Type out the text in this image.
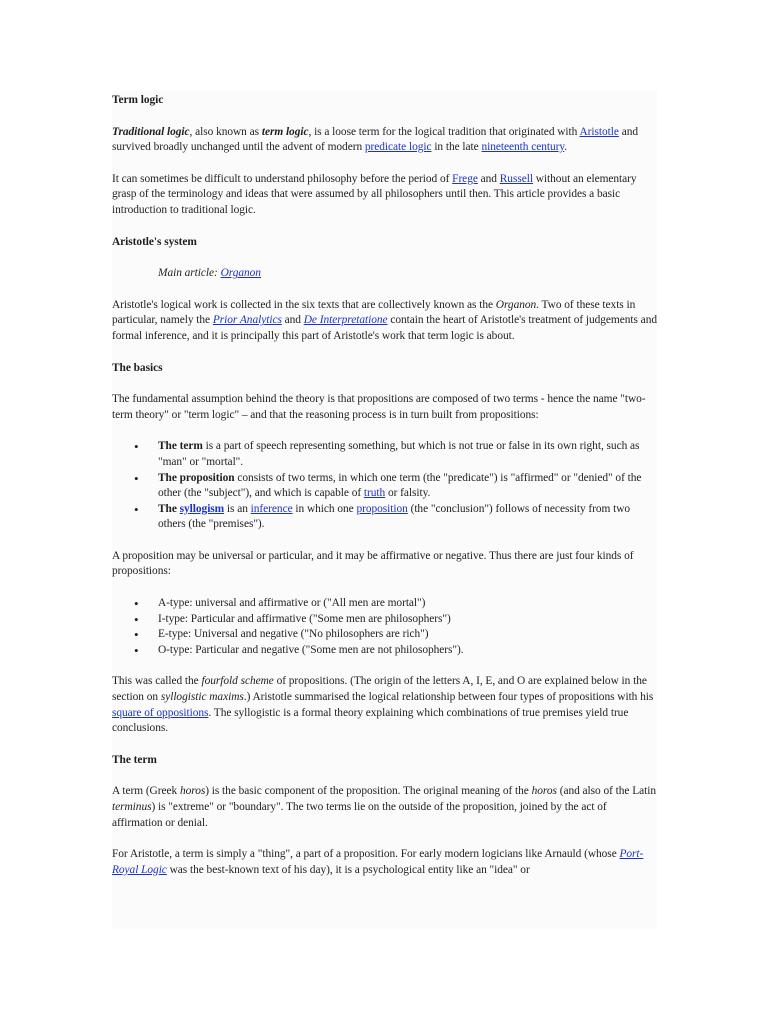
Term logic

Traditional logic, also known as term logic, is a loose term for the logical tradition that originated with Aristotle and survived broadly unchanged until the advent of modern predicate logic in the late nineteenth century.

It can sometimes be difficult to understand philosophy before the period of Frege and Russell without an elementary grasp of the terminology and ideas that were assumed by all philosophers until then. This article provides a basic introduction to traditional logic.

Aristotle's system

Main article: Organon

Aristotle's logical work is collected in the six texts that are collectively known as the Organon. Two of these texts in particular, namely the Prior Analytics and De Interpretatione contain the heart of Aristotle's treatment of judgements and formal inference, and it is principally this part of Aristotle's work that term logic is about.

The basics

The fundamental assumption behind the theory is that propositions are composed of two terms - hence the name "two-term theory" or "term logic" – and that the reasoning process is in turn built from propositions:

• The term is a part of speech representing something, but which is not true or false in its own right, such as "man" or "mortal".
• The proposition consists of two terms, in which one term (the "predicate") is "affirmed" or "denied" of the other (the "subject"), and which is capable of truth or falsity.
• The syllogism is an inference in which one proposition (the "conclusion") follows of necessity from two others (the "premises").

A proposition may be universal or particular, and it may be affirmative or negative. Thus there are just four kinds of propositions:

• A-type: universal and affirmative or ("All men are mortal")
• I-type: Particular and affirmative ("Some men are philosophers")
• E-type: Universal and negative ("No philosophers are rich")
• O-type: Particular and negative ("Some men are not philosophers").

This was called the fourfold scheme of propositions. (The origin of the letters A, I, E, and O are explained below in the section on syllogistic maxims.) Aristotle summarised the logical relationship between four types of propositions with his square of oppositions. The syllogistic is a formal theory explaining which combinations of true premises yield true conclusions.

The term

A term (Greek horos) is the basic component of the proposition. The original meaning of the horos (and also of the Latin terminus) is "extreme" or "boundary". The two terms lie on the outside of the proposition, joined by the act of affirmation or denial.

For Aristotle, a term is simply a "thing", a part of a proposition. For early modern logicians like Arnauld (whose Port-Royal Logic was the best-known text of his day), it is a psychological entity like an "idea" or
